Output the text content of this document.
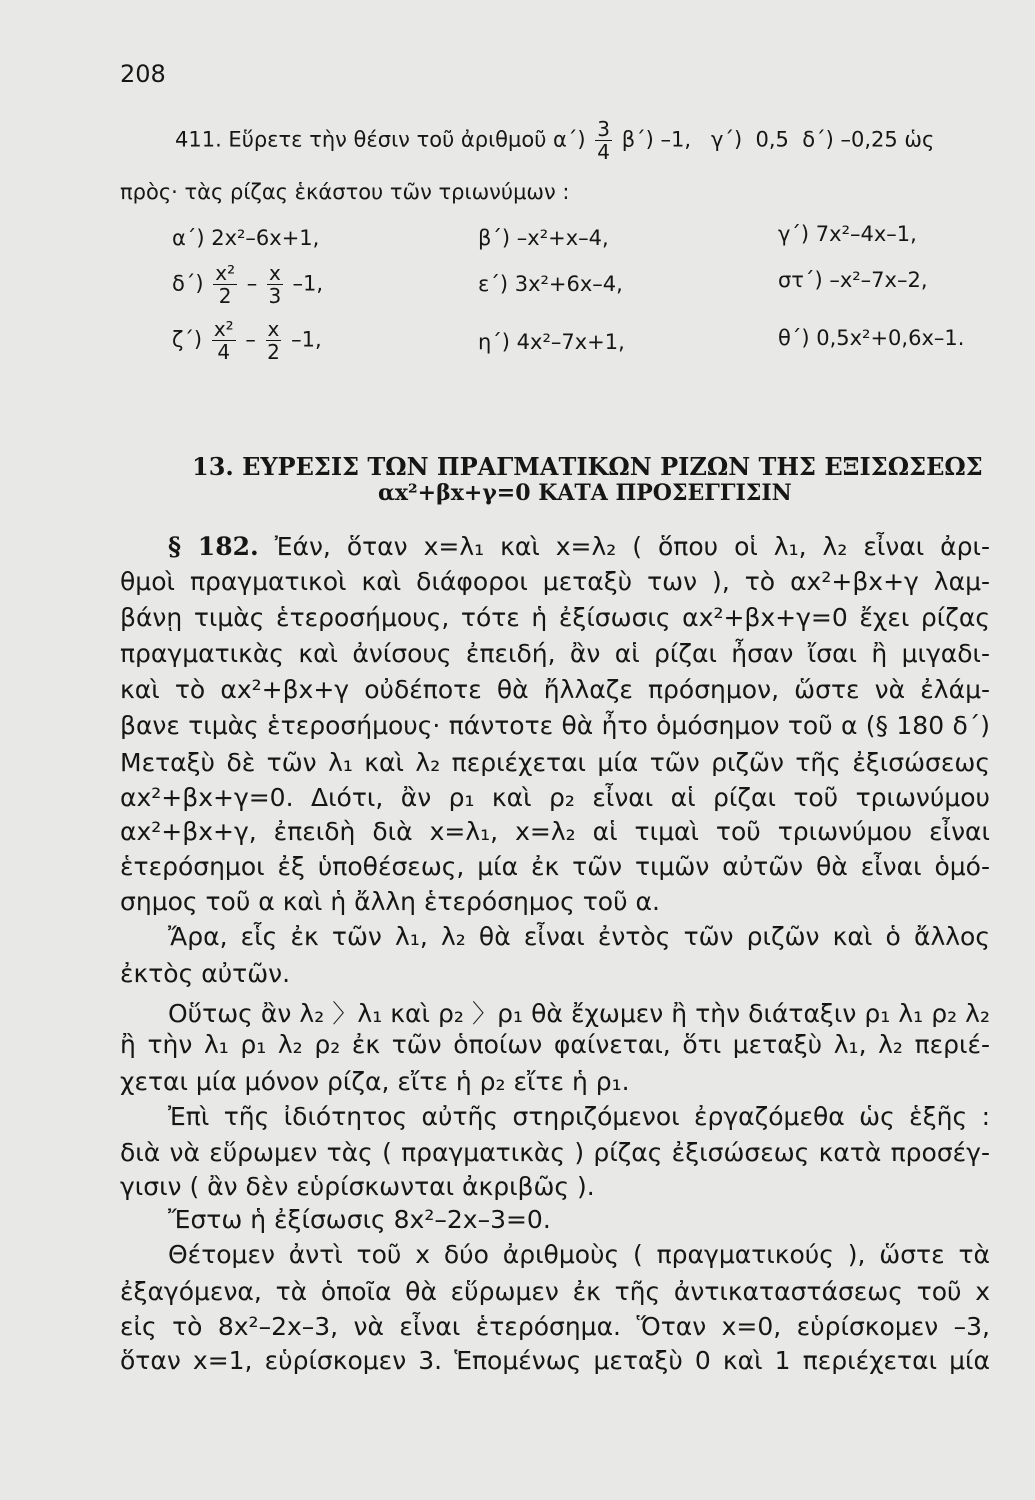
208
411. Εὕρετε τὴν θέσιν τοῦ ἀριθμοῦ $\alpha΄) \frac{3}{4} \beta΄$) –1,   γ΄)  0,5  δ΄) –0,25 ὡς
πρὸς· τὰς ρίζας ἑκάστου τῶν τριωνύμων :
α΄) 2x²–6x+1,	β΄) –x²+x–4,	γ΄) 7x²–4x–1,
$\delta΄) \frac{\text{x²}}{2} - \frac{x}{3} -1$,	ε΄) 3x²+6x–4,	στ΄) –x²–7x–2,
$\zeta΄) \frac{\text{x²}}{4} - \frac{x}{2} -1$,	η΄) 4x²–7x+1,	θ΄) 0,5x²+0,6x–1.
13. ΕΥΡΕΣΙΣ ΤΩΝ ΠΡΑΓΜΑΤΙΚΩΝ ΡΙΖΩΝ ΤΗΣ ΕΞΙΣΩΣΕΩΣ
αx²+βx+γ=0 ΚΑΤΑ ΠΡΟΣΕΓΓΙΣΙΝ
§ 182. Ἐάν, ὅταν x=λ₁ καὶ x=λ₂ ( ὅπου οἱ λ₁, λ₂ εἶναι ἀρι-
θμοὶ πραγματικοὶ καὶ διάφοροι μεταξὺ των ), τὸ αx²+βx+γ λαμ-
βάνῃ τιμὰς ἑτεροσήμους, τότε ἡ ἐξίσωσις αx²+βx+γ=0 ἔχει ρίζας
πραγματικὰς καὶ ἀνίσους ἐπειδή, ἂν αἱ ρίζαι ἦσαν ἴσαι ἢ μιγαδι-
καὶ τὸ αx²+βx+γ οὐδέποτε θὰ ἤλλαζε πρόσημον, ὥστε νὰ ἐλάμ-
βανε τιμὰς ἑτεροσήμους· πάντοτε θὰ ἦτο ὁμόσημον τοῦ α (§ 180 δ΄)
Μεταξὺ δὲ τῶν λ₁ καὶ λ₂ περιέχεται μία τῶν ριζῶν τῆς ἐξισώσεως
αx²+βx+γ=0. Διότι, ἂν ρ₁ καὶ ρ₂ εἶναι αἱ ρίζαι τοῦ τριωνύμου
αx²+βx+γ, ἐπειδὴ διὰ x=λ₁, x=λ₂ αἱ τιμαὶ τοῦ τριωνύμου εἶναι
ἑτερόσημοι ἐξ ὑποθέσεως, μία ἐκ τῶν τιμῶν αὐτῶν θὰ εἶναι ὁμό-
σημος τοῦ α καὶ ἡ ἄλλη ἑτερόσημος τοῦ α.
Ἄρα, εἷς ἐκ τῶν λ₁, λ₂ θὰ εἶναι ἐντὸς τῶν ριζῶν καὶ ὁ ἄλλος
ἐκτὸς αὐτῶν.
Οὕτως ἂν λ₂ 〉λ₁ καὶ ρ₂ 〉ρ₁ θὰ ἔχωμεν ἢ τὴν διάταξιν ρ₁ λ₁ ρ₂ λ₂
ἢ τὴν λ₁ ρ₁ λ₂ ρ₂ ἐκ τῶν ὁποίων φαίνεται, ὅτι μεταξὺ λ₁, λ₂ περιέ-
χεται μία μόνον ρίζα, εἴτε ἡ ρ₂ εἴτε ἡ ρ₁.
Ἐπὶ τῆς ἰδιότητος αὐτῆς στηριζόμενοι ἐργαζόμεθα ὡς ἑξῆς :
διὰ νὰ εὕρωμεν τὰς ( πραγματικὰς ) ρίζας ἐξισώσεως κατὰ προσέγ-
γισιν ( ἂν δὲν εὑρίσκωνται ἀκριβῶς ).
Ἔστω ἡ ἐξίσωσις 8x²–2x–3=0.
Θέτομεν ἀντὶ τοῦ x δύο ἀριθμοὺς ( πραγματικούς ), ὥστε τὰ
ἐξαγόμενα, τὰ ὁποῖα θὰ εὕρωμεν ἐκ τῆς ἀντικαταστάσεως τοῦ x
εἰς τὸ 8x²–2x–3, νὰ εἶναι ἑτερόσημα. Ὅταν x=0, εὑρίσκομεν –3,
ὅταν x=1, εὑρίσκομεν 3. Ἑπομένως μεταξὺ 0 καὶ 1 περιέχεται μία
